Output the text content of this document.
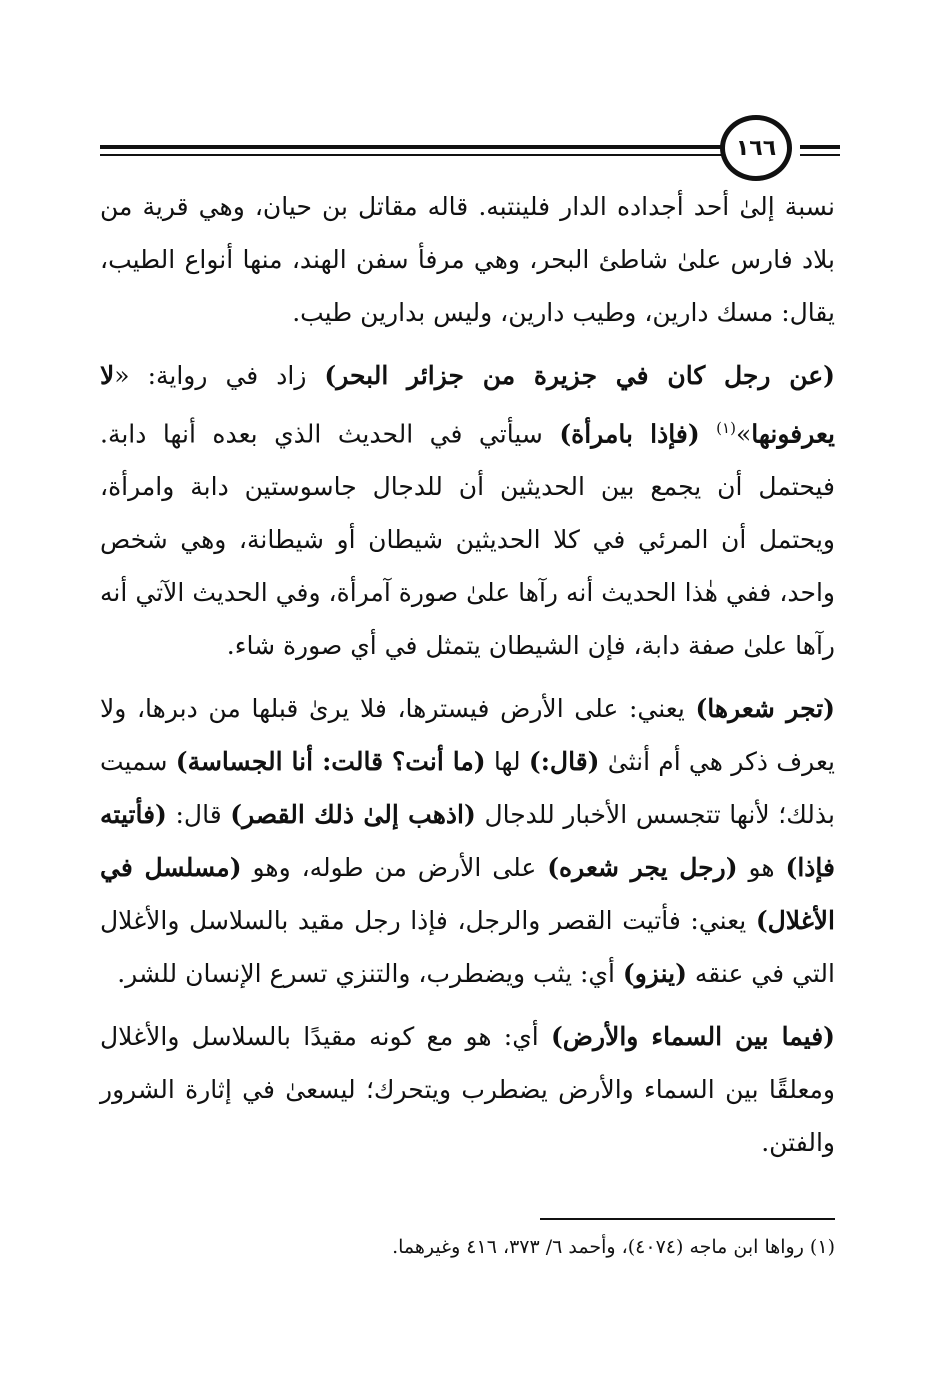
١٦٦

نسبة إلىٰ أحد أجداده الدار فلينتبه. قاله مقاتل بن حيان، وهي قرية من بلاد فارس علىٰ شاطئ البحر، وهي مرفأ سفن الهند، منها أنواع الطيب، يقال: مسك دارين، وطيب دارين، وليس بدارين طيب.

(عن رجل كان في جزيرة من جزائر البحر) زاد في رواية: «لا يعرفونها»$^{(١)}$ (فإذا بامرأة) سيأتي في الحديث الذي بعده أنها دابة. فيحتمل أن يجمع بين الحديثين أن للدجال جاسوستين دابة وامرأة، ويحتمل أن المرئي في كلا الحديثين شيطان أو شيطانة، وهي شخص واحد، ففي هٰذا الحديث أنه رآها علىٰ صورة آمرأة، وفي الحديث الآتي أنه رآها علىٰ صفة دابة، فإن الشيطان يتمثل في أي صورة شاء.

(تجر شعرها) يعني: على الأرض فيسترها، فلا يرىٰ قبلها من دبرها، ولا يعرف ذكر هي أم أنثىٰ (قال:) لها (ما أنت؟ قالت: أنا الجساسة) سميت بذلك؛ لأنها تتجسس الأخبار للدجال (اذهب إلىٰ ذلك القصر) قال: (فأتيته فإذا) هو (رجل يجر شعره) على الأرض من طوله، وهو (مسلسل في الأغلال) يعني: فأتيت القصر والرجل، فإذا رجل مقيد بالسلاسل والأغلال التي في عنقه (ينزو) أي: يثب ويضطرب، والتنزي تسرع الإنسان للشر.

(فيما بين السماء والأرض) أي: هو مع كونه مقيدًا بالسلاسل والأغلال ومعلقًا بين السماء والأرض يضطرب ويتحرك؛ ليسعىٰ في إثارة الشرور والفتن.

(١) رواها ابن ماجه (٤٠٧٤)، وأحمد ٦/ ٣٧٣، ٤١٦ وغيرهما.
